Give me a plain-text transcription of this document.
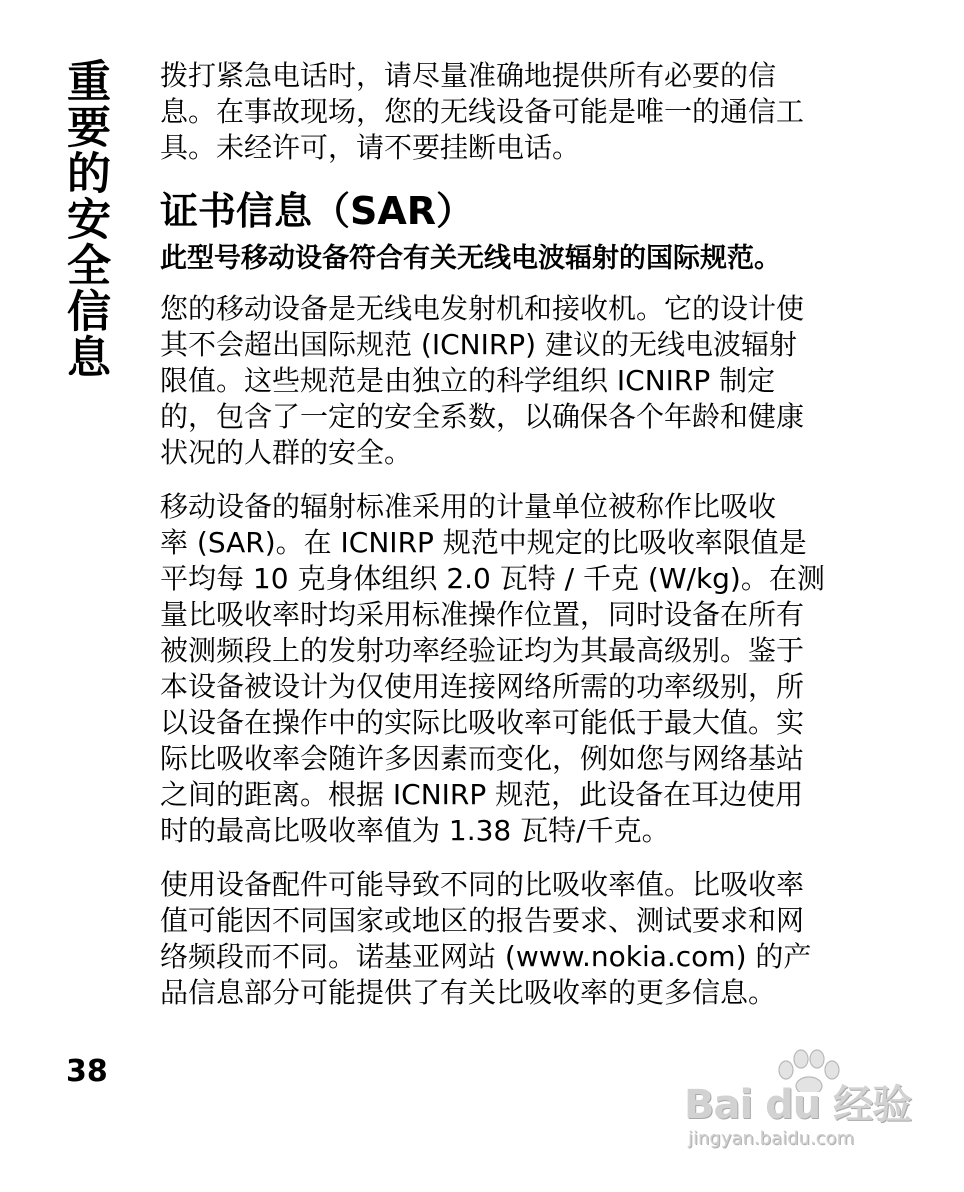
重要的安全信息 拨打紧急电话时，请尽量准确地提供所有必要的信
息。在事故现场，您的无线设备可能是唯一的通信工
具。未经许可，请不要挂断电话。

证书信息（SAR）

此型号移动设备符合有关无线电波辐射的国际规范。

您的移动设备是无线电发射机和接收机。它的设计使
其不会超出国际规范 (ICNIRP) 建议的无线电波辐射
限值。这些规范是由独立的科学组织 ICNIRP 制定
的，包含了一定的安全系数，以确保各个年龄和健康
状况的人群的安全。

移动设备的辐射标准采用的计量单位被称作比吸收
率 (SAR)。在 ICNIRP 规范中规定的比吸收率限值是
平均每 10 克身体组织 2.0 瓦特 / 千克 (W/kg)。在测
量比吸收率时均采用标准操作位置，同时设备在所有
被测频段上的发射功率经验证均为其最高级别。鉴于
本设备被设计为仅使用连接网络所需的功率级别，所
以设备在操作中的实际比吸收率可能低于最大值。实
际比吸收率会随许多因素而变化，例如您与网络基站
之间的距离。根据 ICNIRP 规范，此设备在耳边使用
时的最高比吸收率值为 1.38 瓦特/千克。

使用设备配件可能导致不同的比吸收率值。比吸收率
值可能因不同国家或地区的报告要求、测试要求和网
络频段而不同。诺基亚网站 (www.nokia.com) 的产
品信息部分可能提供了有关比吸收率的更多信息。

38
Bai du 经验
jingyan.baidu.com
